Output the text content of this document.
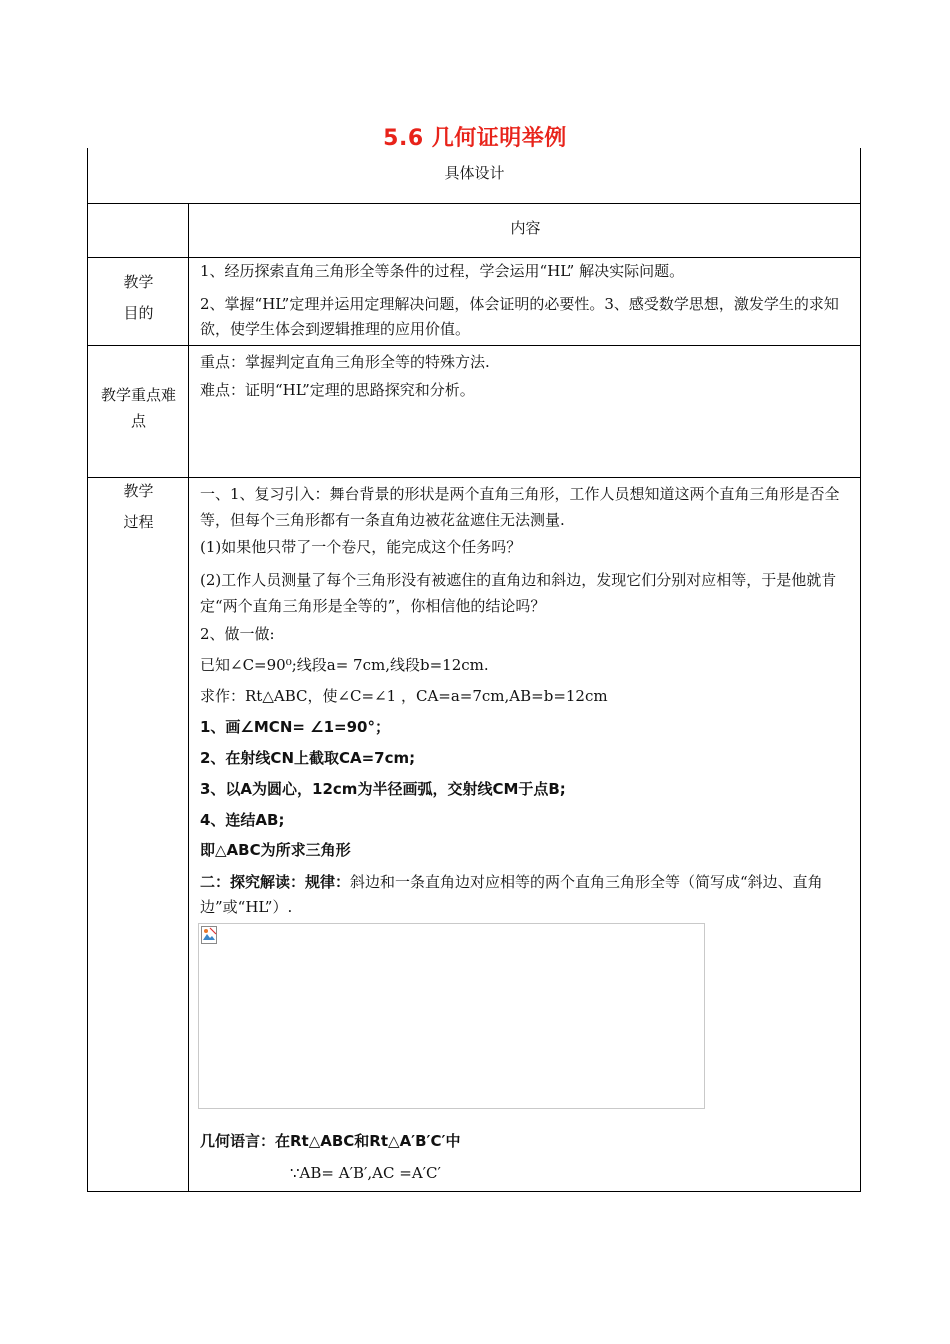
5.6 几何证明举例
具体设计
内容
教学
目的
1、经历探索直角三角形全等条件的过程，学会运用“HL” 解决实际问题。
2、掌握“HL”定理并运用定理解决问题，体会证明的必要性。3、感受数学思想，激发学生的求知欲，使学生体会到逻辑推理的应用价值。
教学重点难
点
重点：掌握判定直角三角形全等的特殊方法.
难点：证明“HL”定理的思路探究和分析。
教学
过程
一、1、复习引入：舞台背景的形状是两个直角三角形，工作人员想知道这两个直角三角形是否全等，但每个三角形都有一条直角边被花盆遮住无法测量.
(1)如果他只带了一个卷尺，能完成这个任务吗？
(2)工作人员测量了每个三角形没有被遮住的直角边和斜边，发现它们分别对应相等，于是他就肯定“两个直角三角形是全等的”，你相信他的结论吗？
2、做一做:
已知∠C=90⁰;线段a= 7cm,线段b=12cm.
求作：Rt△ABC，使∠C=∠1 ，CA=a=7cm,AB=b=12cm
1、画∠MCN= ∠1=90°；
2、在射线CN上截取CA=7cm;
3、以A为圆心，12cm为半径画弧，交射线CM于点B;
4、连结AB;
即△ABC为所求三角形
二：探究解读：规律：斜边和一条直角边对应相等的两个直角三角形全等（简写成“斜边、直角边”或“HL”）.
几何语言：在Rt△ABC和Rt△A′B′C′中
∵AB= A′B′,AC =A′C′
